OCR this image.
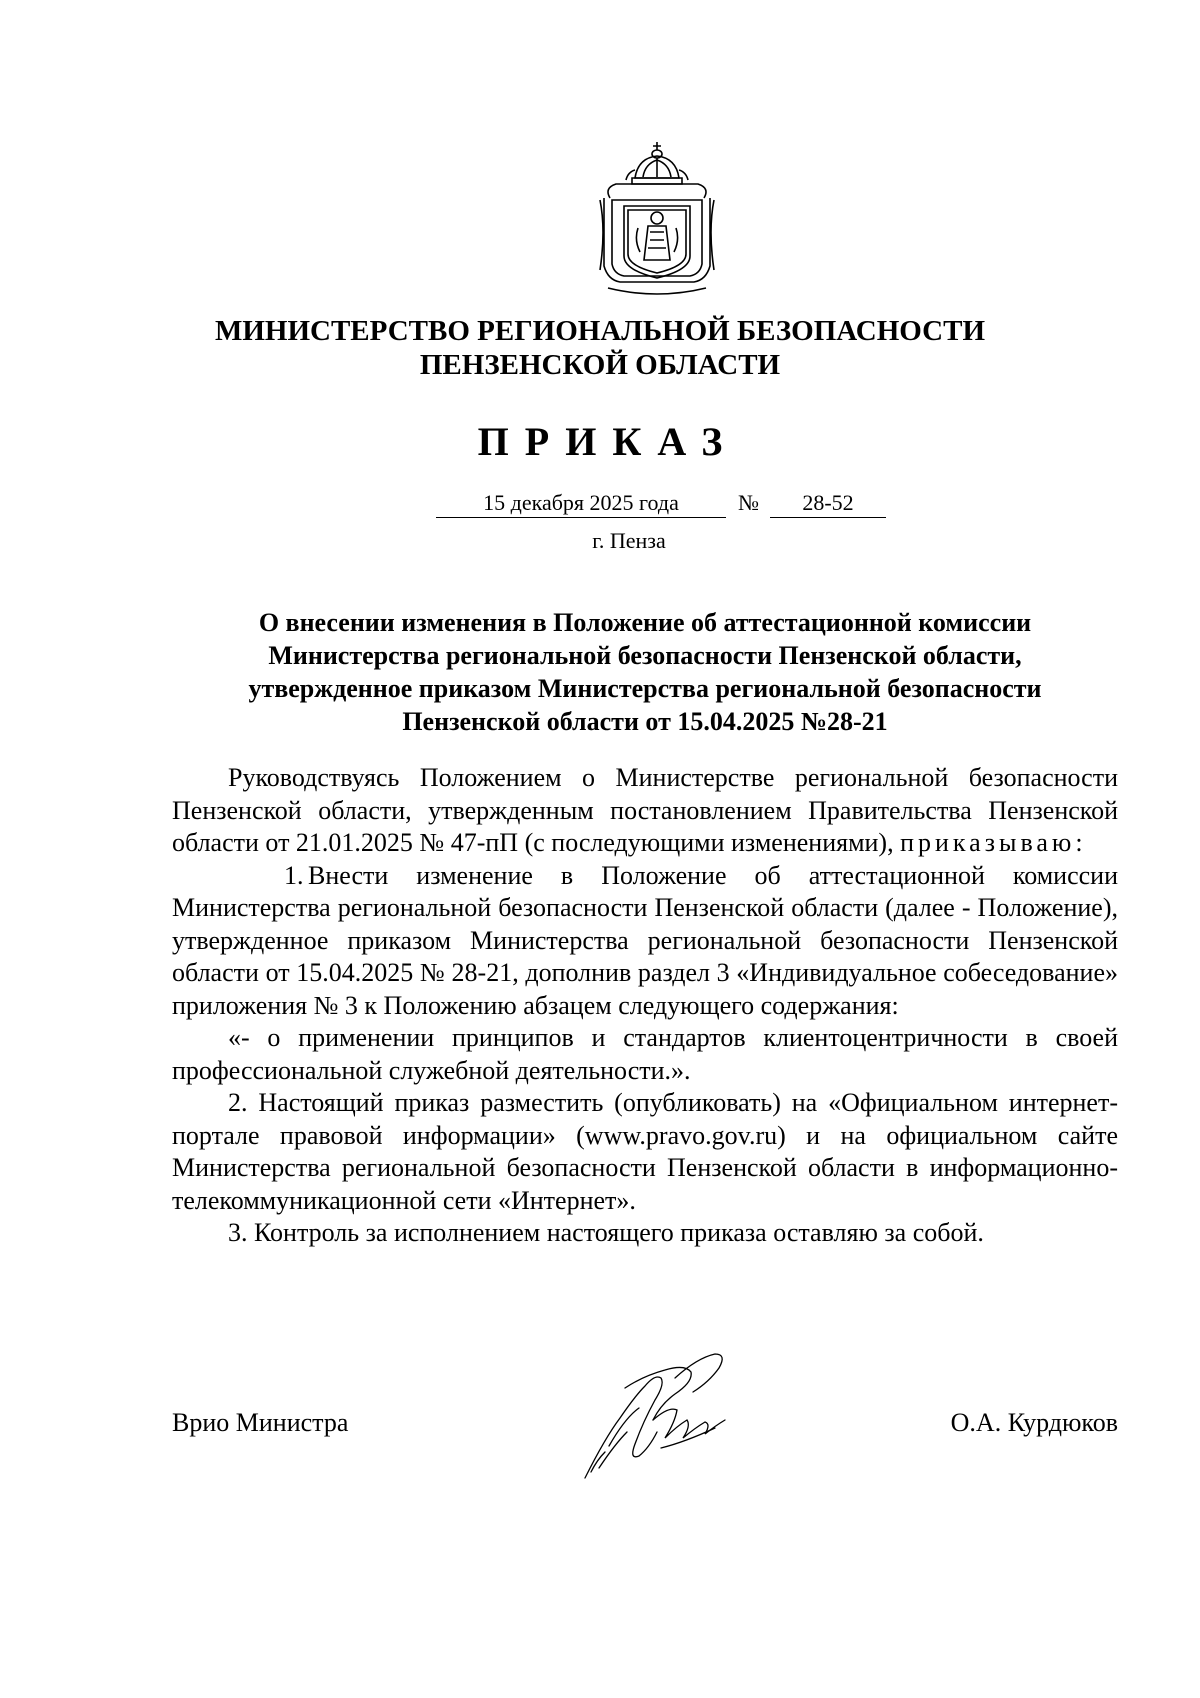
МИНИСТЕРСТВО РЕГИОНАЛЬНОЙ БЕЗОПАСНОСТИ
ПЕНЗЕНСКОЙ ОБЛАСТИ
ПРИКАЗ
15 декабря 2025 года	№	28-52
г. Пенза
О внесении изменения в Положение об аттестационной комиссии
Министерства региональной безопасности Пензенской области,
утвержденное приказом Министерства региональной безопасности
Пензенской области от 15.04.2025 №28-21

Руководствуясь Положением о Министерстве региональной безопасности Пензенской области, утвержденным постановлением Правительства Пензенской области от 21.01.2025 № 47-пП (с последующими изменениями), приказываю:

1. Внести изменение в Положение об аттестационной комиссии Министерства региональной безопасности Пензенской области (далее - Положение), утвержденное приказом Министерства региональной безопасности Пензенской области от 15.04.2025 № 28-21, дополнив раздел 3 «Индивидуальное собеседование» приложения № 3 к Положению абзацем следующего содержания:

«- о применении принципов и стандартов клиентоцентричности в своей профессиональной служебной деятельности.».

2. Настоящий приказ разместить (опубликовать) на «Официальном интернет-портале правовой информации» (www.pravo.gov.ru) и на официальном сайте Министерства региональной безопасности Пензенской области в информационно-телекоммуникационной сети «Интернет».

3. Контроль за исполнением настоящего приказа оставляю за собой.

Врио Министра	О.А. Курдюков
